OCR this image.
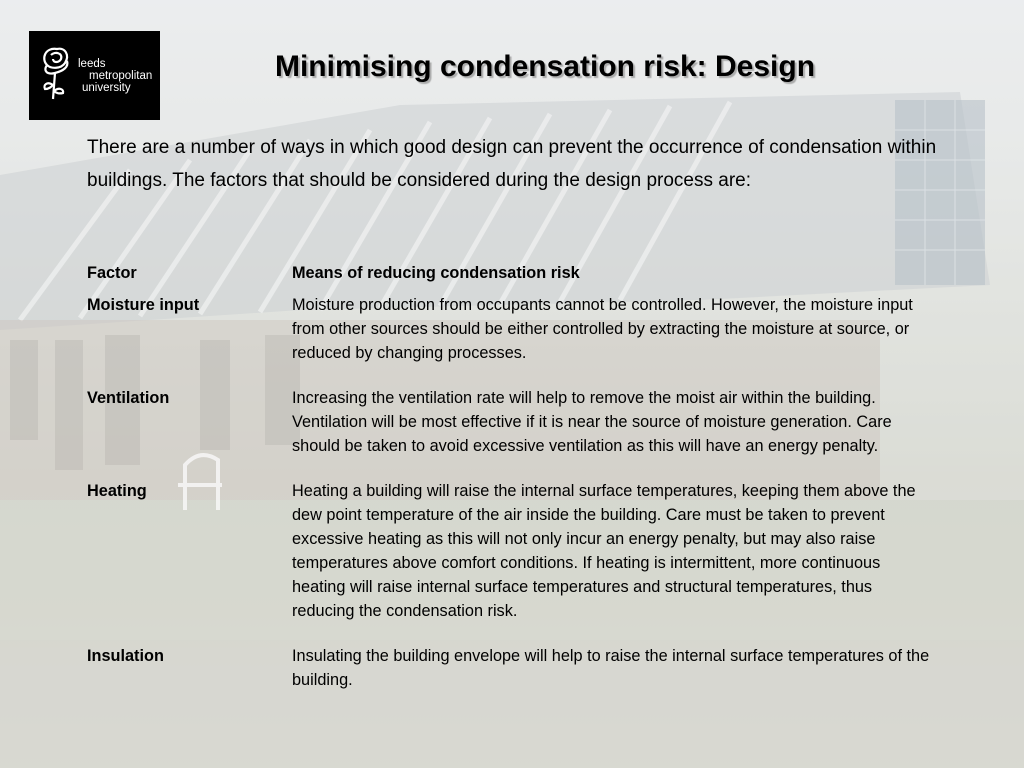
leeds
metropolitan
university
Minimising condensation risk: Design
There are a number of ways in which good design can prevent the occurrence of condensation within buildings. The factors that should be considered during the design process are:
Factor	Means of reducing condensation risk
Moisture input	Moisture production from occupants cannot be controlled. However, the moisture input from other sources should be either controlled by extracting the moisture at source, or reduced by changing processes.
Ventilation	Increasing the ventilation rate will help to remove the moist air within the building. Ventilation will be most effective if it is near the source of moisture generation. Care should be taken to avoid excessive ventilation as this will have an energy penalty.
Heating	Heating a building will raise the internal surface temperatures, keeping them above the dew point temperature of the air inside the building. Care must be taken to prevent excessive heating as this will not only incur an energy penalty, but may also raise temperatures above comfort conditions. If heating is intermittent, more continuous heating will raise internal surface temperatures and structural temperatures, thus reducing the condensation risk.
Insulation	Insulating the building envelope will help to raise the internal surface temperatures of the building.
